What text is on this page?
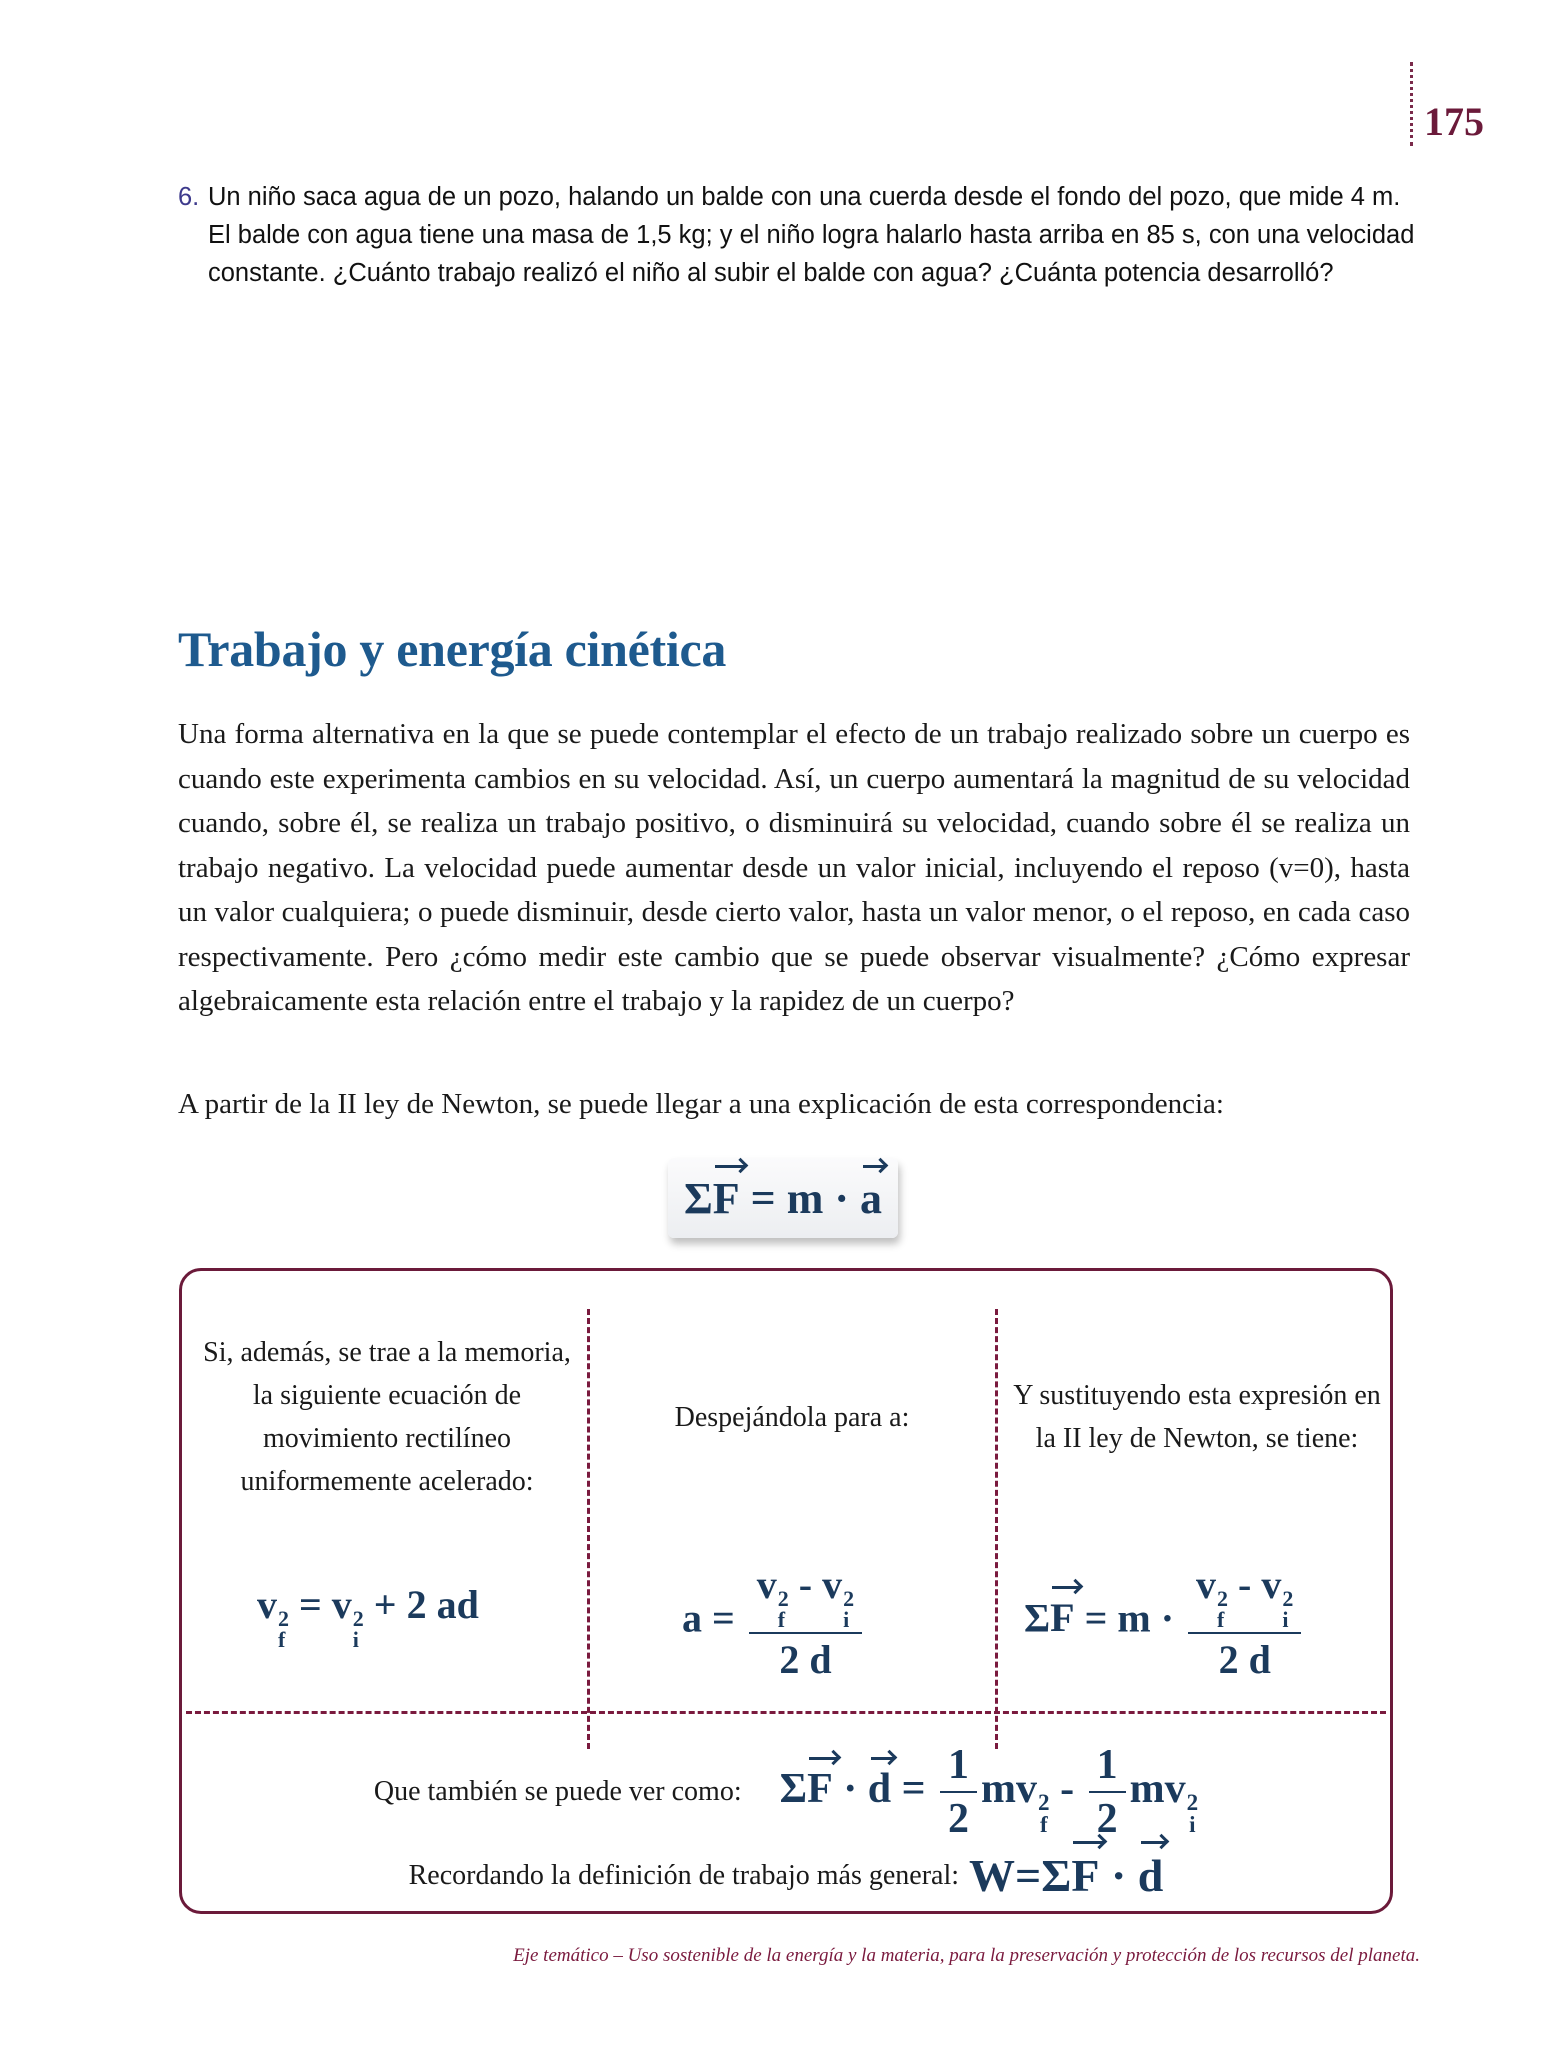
175
6. Un niño saca agua de un pozo, halando un balde con una cuerda desde el fondo del pozo, que mide 4 m. El balde con agua tiene una masa de 1,5 kg; y el niño logra halarlo hasta arriba en 85 s, con una velocidad constante. ¿Cuánto trabajo realizó el niño al subir el balde con agua? ¿Cuánta potencia desarrolló?
Trabajo y energía cinética

Una forma alternativa en la que se puede contemplar el efecto de un trabajo realizado sobre un cuerpo es cuando este experimenta cambios en su velocidad. Así, un cuerpo aumentará la magnitud de su velocidad cuando, sobre él, se realiza un trabajo positivo, o disminuirá su velocidad, cuando sobre él se realiza un trabajo negativo. La velocidad puede aumentar desde un valor inicial, incluyendo el reposo (v=0), hasta un valor cualquiera; o puede disminuir, desde cierto valor, hasta un valor menor, o el reposo, en cada caso respectivamente. Pero ¿cómo medir este cambio que se puede observar visualmente? ¿Cómo expresar algebraicamente esta relación entre el trabajo y la rapidez de un cuerpo?

A partir de la II ley de Newton, se puede llegar a una explicación de esta correspondencia:

ΣF = m · a
Si, además, se trae a la memoria, la siguiente ecuación de movimiento rectilíneo uniformemente acelerado:
Despejándola para a:
Y sustituyendo esta expresión en la II ley de Newton, se tiene:
v 2
f
= v 2
i
+ 2 ad	a = v 2
f
- v 2
i
2 d	ΣF = m · v 2
f
- v 2
i
2 d
Que también se puede ver como: $\Sigma F \cdot d = \frac{1}{2}$ mv 2
f
- $\frac{1}{2}$ mv 2
i
Recordando la definición de trabajo más general: W=ΣF · d
Eje temático – Uso sostenible de la energía y la materia, para la preservación y protección de los recursos del planeta.
